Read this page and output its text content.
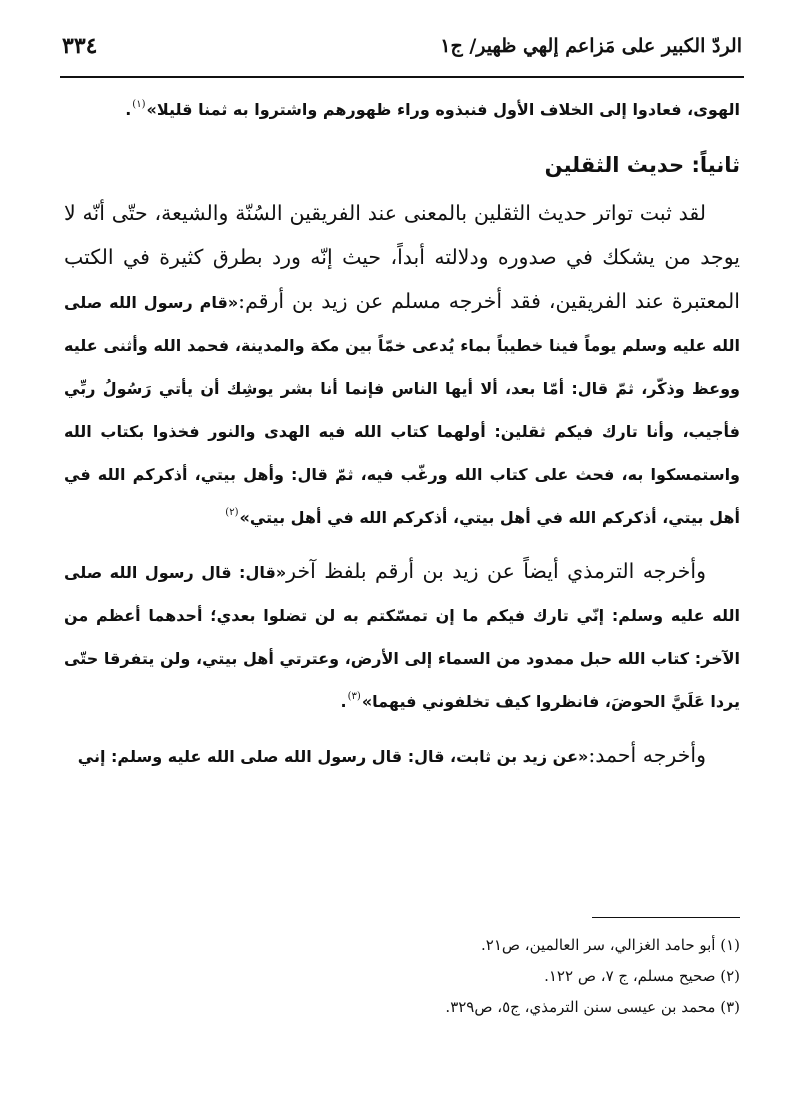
الردّ الكبير على مَزاعم إلهي ظهير/ ج١
٣٣٤

الهوى، فعادوا إلى الخلاف الأول فنبذوه وراء ظهورهم واشتروا به ثمنا قليلا»$^{(١)}$.

ثانياً: حديث الثقلين

لقد ثبت تواتر حديث الثقلين بالمعنى عند الفريقين السُنّة والشيعة، حتّى أنّه لا يوجد من يشكك في صدوره ودلالته أبداً، حيث إنّه ورد بطرق كثيرة في الكتب المعتبرة عند الفريقين، فقد أخرجه مسلم عن زيد بن أرقم:«قام رسول الله صلى الله عليه وسلم يوماً فينا خطيباً بماء يُدعى خمّاً بين مكة والمدينة، فحمد الله وأثنى عليه ووعظ وذكّر، ثمّ قال: أمّا بعد، ألا أيها الناس فإنما أنا بشر يوشِك أن يأتي رَسُولُ ربِّي فأجيب، وأنا تارك فيكم ثقلين: أولهما كتاب الله فيه الهدى والنور فخذوا بكتاب الله واستمسكوا به، فحث على كتاب الله ورغّب فيه، ثمّ قال: وأهل بيتي، أذكركم الله في أهل بيتي، أذكركم الله في أهل بيتي، أذكركم الله في أهل بيتي»$^{(٢)}$

وأخرجه الترمذي أيضاً عن زيد بن أرقم بلفظ آخر«قال: قال رسول الله صلى الله عليه وسلم: إنّي تارك فيكم ما إن تمسّكتم به لن تضلوا بعدي؛ أحدهما أعظم من الآخر: كتاب الله حبل ممدود من السماء إلى الأرض، وعترتي أهل بيتي، ولن يتفرقا حتّى يردا عَلَيَّ الحوضَ، فانظروا كيف تخلفوني فيهما»$^{(٣)}$.

وأخرجه أحمد:«عن زيد بن ثابت، قال: قال رسول الله صلى الله عليه وسلم: إني

(١) أبو حامد الغزالي، سر العالمين، ص٢١.
(٢) صحيح مسلم، ج ٧، ص ١٢٢.
(٣) محمد بن عيسى سنن الترمذي، ج٥، ص٣٢٩.
